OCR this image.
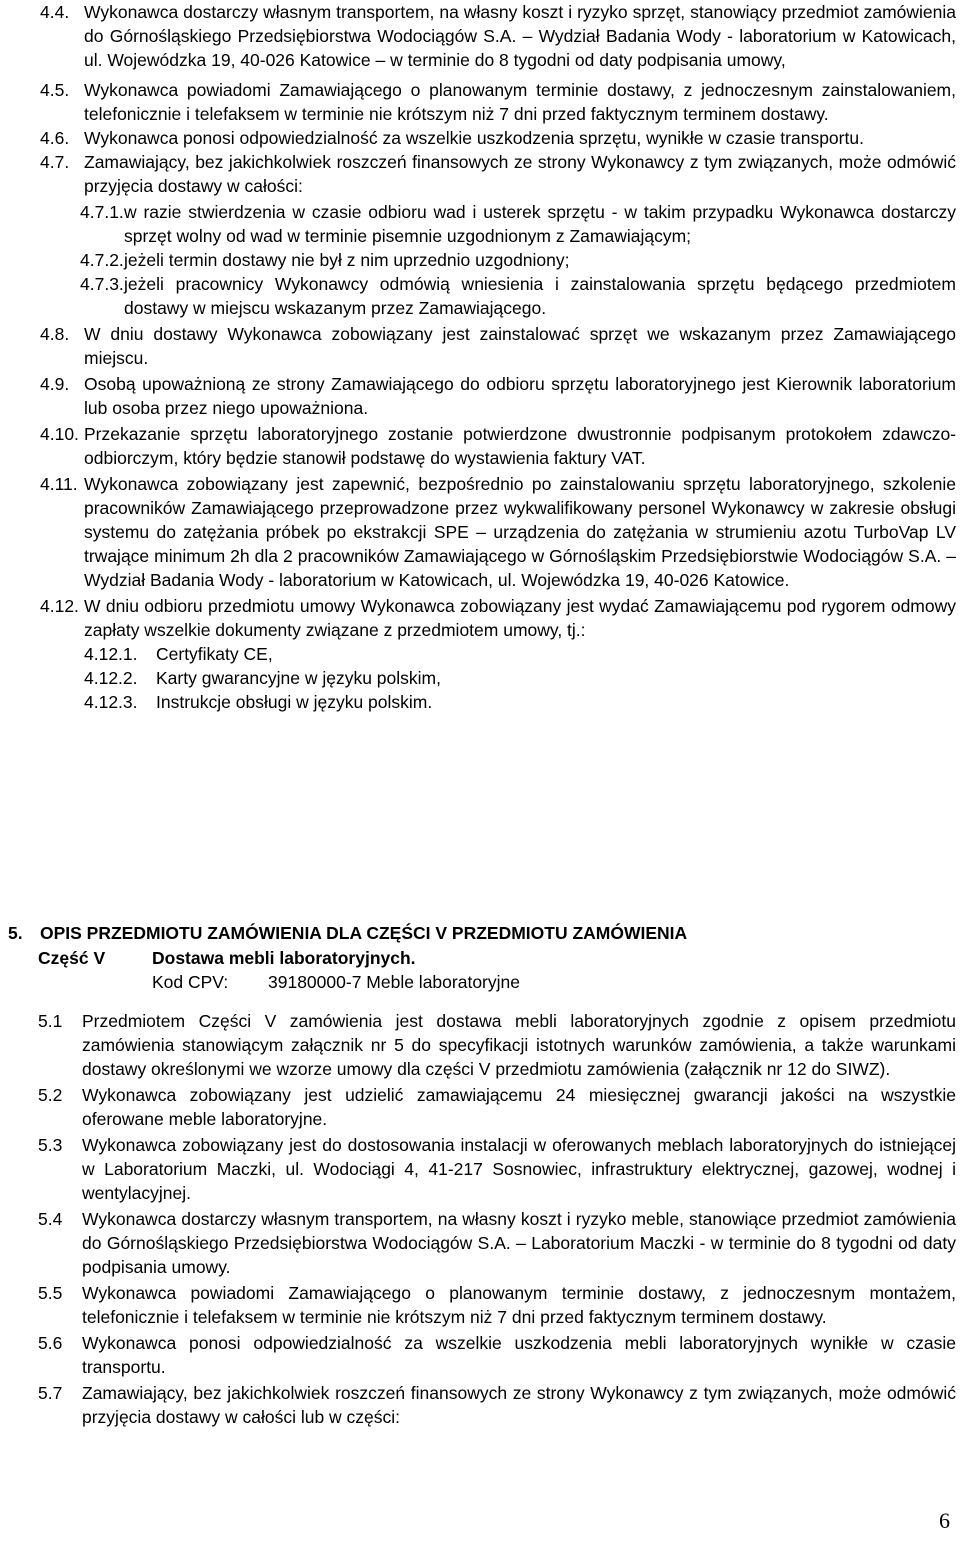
4.4. Wykonawca dostarczy własnym transportem, na własny koszt i ryzyko sprzęt, stanowiący przedmiot zamówienia do Górnośląskiego Przedsiębiorstwa Wodociągów S.A. – Wydział Badania Wody - laboratorium w Katowicach, ul. Wojewódzka 19, 40-026 Katowice – w terminie do 8 tygodni od daty podpisania umowy,
4.5. Wykonawca powiadomi Zamawiającego o planowanym terminie dostawy, z jednoczesnym zainstalowaniem, telefonicznie i telefaksem w terminie nie krótszym niż 7 dni przed faktycznym terminem dostawy.
4.6. Wykonawca ponosi odpowiedzialność za wszelkie uszkodzenia sprzętu, wynikłe w czasie transportu.
4.7. Zamawiający, bez jakichkolwiek roszczeń finansowych ze strony Wykonawcy z tym związanych, może odmówić przyjęcia dostawy w całości:
4.7.1. w razie stwierdzenia w czasie odbioru wad i usterek sprzętu - w takim przypadku Wykonawca dostarczy sprzęt wolny od wad w terminie pisemnie uzgodnionym z Zamawiającym;
4.7.2. jeżeli termin dostawy nie był z nim uprzednio uzgodniony;
4.7.3. jeżeli pracownicy Wykonawcy odmówią wniesienia i zainstalowania sprzętu będącego przedmiotem dostawy w miejscu wskazanym przez Zamawiającego.
4.8. W dniu dostawy Wykonawca zobowiązany jest zainstalować sprzęt we wskazanym przez Zamawiającego miejscu.
4.9. Osobą upoważnioną ze strony Zamawiającego do odbioru sprzętu laboratoryjnego jest Kierownik laboratorium lub osoba przez niego upoważniona.
4.10. Przekazanie sprzętu laboratoryjnego zostanie potwierdzone dwustronnie podpisanym protokołem zdawczo-odbiorczym, który będzie stanowił podstawę do wystawienia faktury VAT.
4.11. Wykonawca zobowiązany jest zapewnić, bezpośrednio po zainstalowaniu sprzętu laboratoryjnego, szkolenie pracowników Zamawiającego przeprowadzone przez wykwalifikowany personel Wykonawcy w zakresie obsługi systemu do zatężania próbek po ekstrakcji SPE – urządzenia do zatężania w strumieniu azotu TurboVap LV trwające minimum 2h dla 2 pracowników Zamawiającego w Górnośląskim Przedsiębiorstwie Wodociągów S.A. – Wydział Badania Wody - laboratorium w Katowicach, ul. Wojewódzka 19, 40-026 Katowice.
4.12. W dniu odbioru przedmiotu umowy Wykonawca zobowiązany jest wydać Zamawiającemu pod rygorem odmowy zapłaty wszelkie dokumenty związane z przedmiotem umowy, tj.:
4.12.1. Certyfikaty CE,
4.12.2. Karty gwarancyjne w języku polskim,
4.12.3. Instrukcje obsługi w języku polskim.
5. OPIS PRZEDMIOTU ZAMÓWIENIA DLA CZĘŚCI V PRZEDMIOTU ZAMÓWIENIA
Część V	Dostawa mebli laboratoryjnych.
Kod CPV: 39180000-7 Meble laboratoryjne
5.1 Przedmiotem Części V zamówienia jest dostawa mebli laboratoryjnych zgodnie z opisem przedmiotu zamówienia stanowiącym załącznik nr 5 do specyfikacji istotnych warunków zamówienia, a także warunkami dostawy określonymi we wzorze umowy dla części V przedmiotu zamówienia (załącznik nr 12 do SIWZ).
5.2 Wykonawca zobowiązany jest udzielić zamawiającemu 24 miesięcznej gwarancji jakości na wszystkie oferowane meble laboratoryjne.
5.3 Wykonawca zobowiązany jest do dostosowania instalacji w oferowanych meblach laboratoryjnych do istniejącej w Laboratorium Maczki, ul. Wodociągi 4, 41-217 Sosnowiec, infrastruktury elektrycznej, gazowej, wodnej i wentylacyjnej.
5.4 Wykonawca dostarczy własnym transportem, na własny koszt i ryzyko meble, stanowiące przedmiot zamówienia do Górnośląskiego Przedsiębiorstwa Wodociągów S.A. – Laboratorium Maczki - w terminie do 8 tygodni od daty podpisania umowy.
5.5 Wykonawca powiadomi Zamawiającego o planowanym terminie dostawy, z jednoczesnym montażem, telefonicznie i telefaksem w terminie nie krótszym niż 7 dni przed faktycznym terminem dostawy.
5.6 Wykonawca ponosi odpowiedzialność za wszelkie uszkodzenia mebli laboratoryjnych wynikłe w czasie transportu.
5.7 Zamawiający, bez jakichkolwiek roszczeń finansowych ze strony Wykonawcy z tym związanych, może odmówić przyjęcia dostawy w całości lub w części:
6
